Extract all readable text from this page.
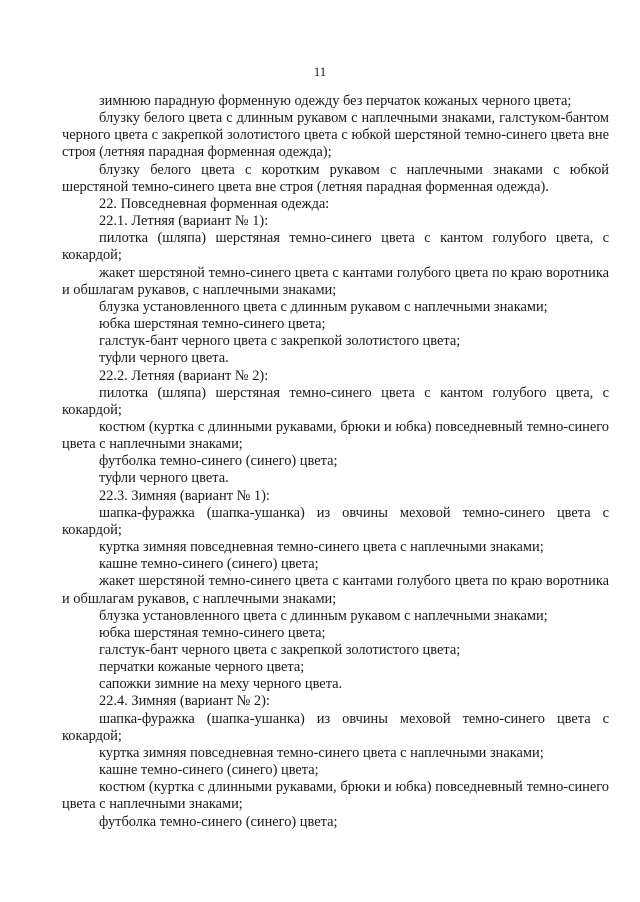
11

зимнюю парадную форменную одежду без перчаток кожаных черного цвета;

блузку белого цвета с длинным рукавом с наплечными знаками, галстуком-бантом черного цвета с закрепкой золотистого цвета с юбкой шерстяной темно-синего цвета вне строя (летняя парадная форменная одежда);

блузку белого цвета с коротким рукавом с наплечными знаками с юбкой шерстяной темно-синего цвета вне строя (летняя парадная форменная одежда).

22. Повседневная форменная одежда:

22.1. Летняя (вариант № 1):

пилотка (шляпа) шерстяная темно-синего цвета с кантом голубого цвета, с кокардой;

жакет шерстяной темно-синего цвета с кантами голубого цвета по краю воротника и обшлагам рукавов, с наплечными знаками;

блузка установленного цвета с длинным рукавом с наплечными знаками;

юбка шерстяная темно-синего цвета;

галстук-бант черного цвета с закрепкой золотистого цвета;

туфли черного цвета.

22.2. Летняя (вариант № 2):

пилотка (шляпа) шерстяная темно-синего цвета с кантом голубого цвета, с кокардой;

костюм (куртка с длинными рукавами, брюки и юбка) повседневный темно-синего цвета с наплечными знаками;

футболка темно-синего (синего) цвета;

туфли черного цвета.

22.3. Зимняя (вариант № 1):

шапка-фуражка (шапка-ушанка) из овчины меховой темно-синего цвета с кокардой;

куртка зимняя повседневная темно-синего цвета с наплечными знаками;

кашне темно-синего (синего) цвета;

жакет шерстяной темно-синего цвета с кантами голубого цвета по краю воротника и обшлагам рукавов, с наплечными знаками;

блузка установленного цвета с длинным рукавом с наплечными знаками;

юбка шерстяная темно-синего цвета;

галстук-бант черного цвета с закрепкой золотистого цвета;

перчатки кожаные черного цвета;

сапожки зимние на меху черного цвета.

22.4. Зимняя (вариант № 2):

шапка-фуражка (шапка-ушанка) из овчины меховой темно-синего цвета с кокардой;

куртка зимняя повседневная темно-синего цвета с наплечными знаками;

кашне темно-синего (синего) цвета;

костюм (куртка с длинными рукавами, брюки и юбка) повседневный темно-синего цвета с наплечными знаками;

футболка темно-синего (синего) цвета;
